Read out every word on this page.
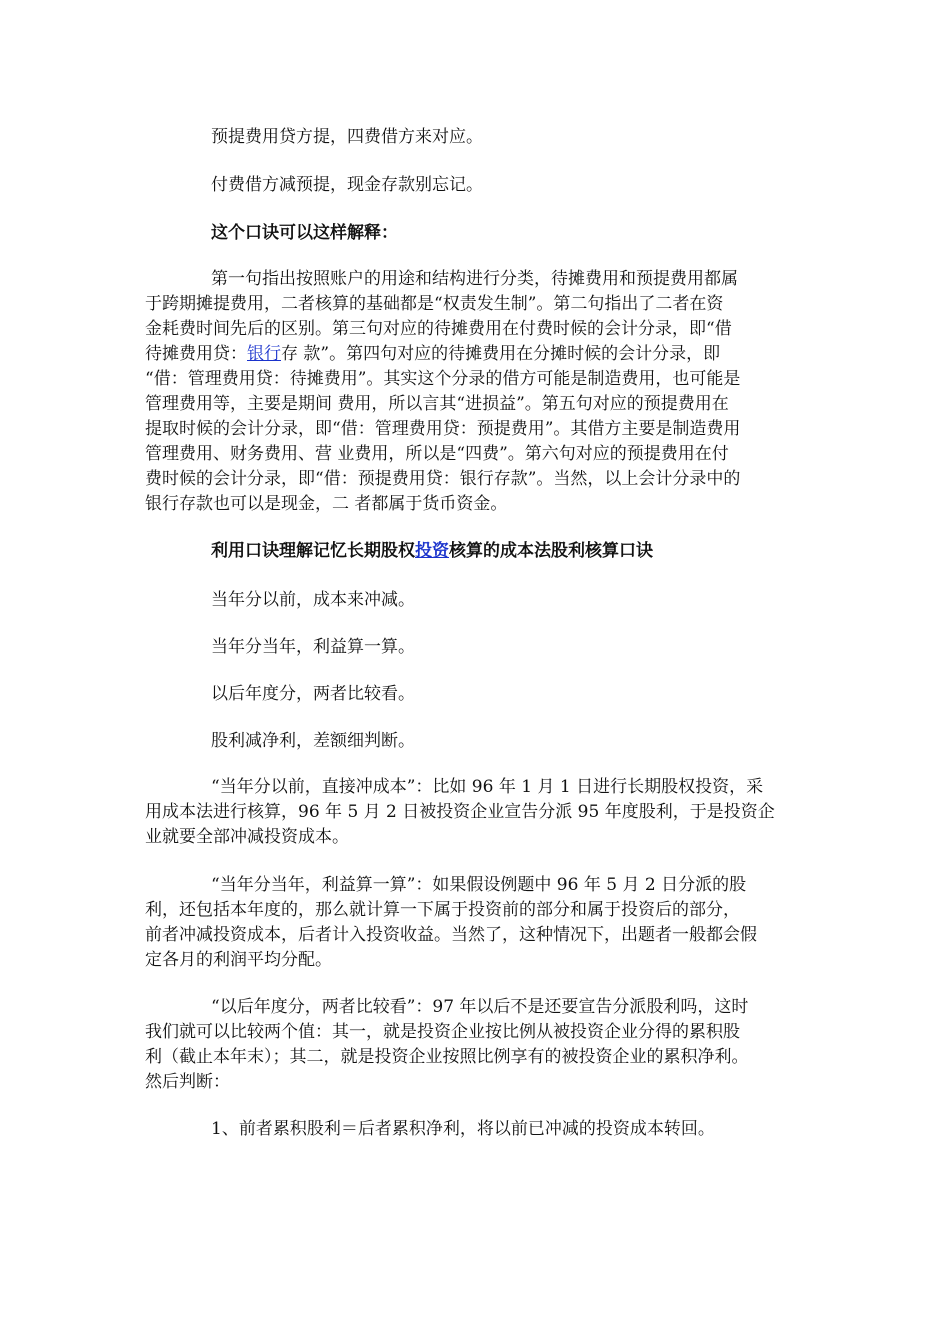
预提费用贷方提，四费借方来对应。
付费借方减预提，现金存款别忘记。
这个口诀可以这样解释：
第一句指出按照账户的用途和结构进行分类，待摊费用和预提费用都属
于跨期摊提费用，二者核算的基础都是“权责发生制”。第二句指出了二者在资
金耗费时间先后的区别。第三句对应的待摊费用在付费时候的会计分录，即“借
待摊费用贷：银行存 款”。第四句对应的待摊费用在分摊时候的会计分录，即
“借：管理费用贷：待摊费用”。其实这个分录的借方可能是制造费用，也可能是
管理费用等，主要是期间 费用，所以言其“进损益”。第五句对应的预提费用在
提取时候的会计分录，即“借：管理费用贷：预提费用”。其借方主要是制造费用
管理费用、财务费用、营 业费用，所以是“四费”。第六句对应的预提费用在付
费时候的会计分录，即“借：预提费用贷：银行存款”。当然，以上会计分录中的
银行存款也可以是现金，二 者都属于货币资金。
利用口诀理解记忆长期股权投资核算的成本法股利核算口诀
当年分以前，成本来冲减。
当年分当年，利益算一算。
以后年度分，两者比较看。
股利减净利，差额细判断。
“当年分以前，直接冲成本”：比如 96 年 1 月 1 日进行长期股权投资，采
用成本法进行核算，96 年 5 月 2 日被投资企业宣告分派 95 年度股利，于是投资企
业就要全部冲减投资成本。
“当年分当年，利益算一算”：如果假设例题中 96 年 5 月 2 日分派的股
利，还包括本年度的，那么就计算一下属于投资前的部分和属于投资后的部分，
前者冲减投资成本，后者计入投资收益。当然了，这种情况下，出题者一般都会假
定各月的利润平均分配。
“以后年度分，两者比较看”：97 年以后不是还要宣告分派股利吗，这时
我们就可以比较两个值：其一，就是投资企业按比例从被投资企业分得的累积股
利（截止本年末）；其二，就是投资企业按照比例享有的被投资企业的累积净利。
然后判断：
1、前者累积股利＝后者累积净利，将以前已冲减的投资成本转回。
